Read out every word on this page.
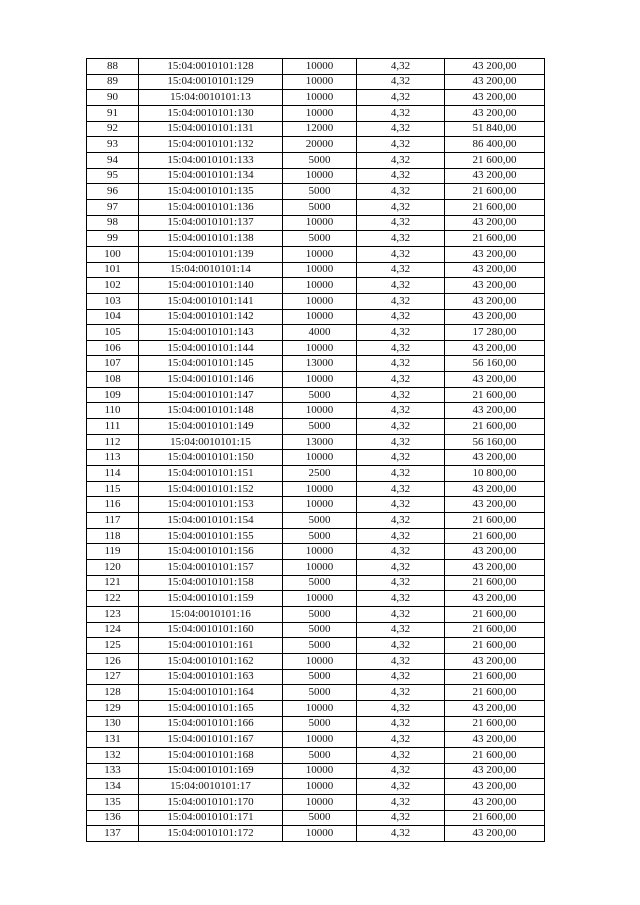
88	15:04:0010101:128	10000	4,32	43 200,00
89	15:04:0010101:129	10000	4,32	43 200,00
90	15:04:0010101:13	10000	4,32	43 200,00
91	15:04:0010101:130	10000	4,32	43 200,00
92	15:04:0010101:131	12000	4,32	51 840,00
93	15:04:0010101:132	20000	4,32	86 400,00
94	15:04:0010101:133	5000	4,32	21 600,00
95	15:04:0010101:134	10000	4,32	43 200,00
96	15:04:0010101:135	5000	4,32	21 600,00
97	15:04:0010101:136	5000	4,32	21 600,00
98	15:04:0010101:137	10000	4,32	43 200,00
99	15:04:0010101:138	5000	4,32	21 600,00
100	15:04:0010101:139	10000	4,32	43 200,00
101	15:04:0010101:14	10000	4,32	43 200,00
102	15:04:0010101:140	10000	4,32	43 200,00
103	15:04:0010101:141	10000	4,32	43 200,00
104	15:04:0010101:142	10000	4,32	43 200,00
105	15:04:0010101:143	4000	4,32	17 280,00
106	15:04:0010101:144	10000	4,32	43 200,00
107	15:04:0010101:145	13000	4,32	56 160,00
108	15:04:0010101:146	10000	4,32	43 200,00
109	15:04:0010101:147	5000	4,32	21 600,00
110	15:04:0010101:148	10000	4,32	43 200,00
111	15:04:0010101:149	5000	4,32	21 600,00
112	15:04:0010101:15	13000	4,32	56 160,00
113	15:04:0010101:150	10000	4,32	43 200,00
114	15:04:0010101:151	2500	4,32	10 800,00
115	15:04:0010101:152	10000	4,32	43 200,00
116	15:04:0010101:153	10000	4,32	43 200,00
117	15:04:0010101:154	5000	4,32	21 600,00
118	15:04:0010101:155	5000	4,32	21 600,00
119	15:04:0010101:156	10000	4,32	43 200,00
120	15:04:0010101:157	10000	4,32	43 200,00
121	15:04:0010101:158	5000	4,32	21 600,00
122	15:04:0010101:159	10000	4,32	43 200,00
123	15:04:0010101:16	5000	4,32	21 600,00
124	15:04:0010101:160	5000	4,32	21 600,00
125	15:04:0010101:161	5000	4,32	21 600,00
126	15:04:0010101:162	10000	4,32	43 200,00
127	15:04:0010101:163	5000	4,32	21 600,00
128	15:04:0010101:164	5000	4,32	21 600,00
129	15:04:0010101:165	10000	4,32	43 200,00
130	15:04:0010101:166	5000	4,32	21 600,00
131	15:04:0010101:167	10000	4,32	43 200,00
132	15:04:0010101:168	5000	4,32	21 600,00
133	15:04:0010101:169	10000	4,32	43 200,00
134	15:04:0010101:17	10000	4,32	43 200,00
135	15:04:0010101:170	10000	4,32	43 200,00
136	15:04:0010101:171	5000	4,32	21 600,00
137	15:04:0010101:172	10000	4,32	43 200,00
